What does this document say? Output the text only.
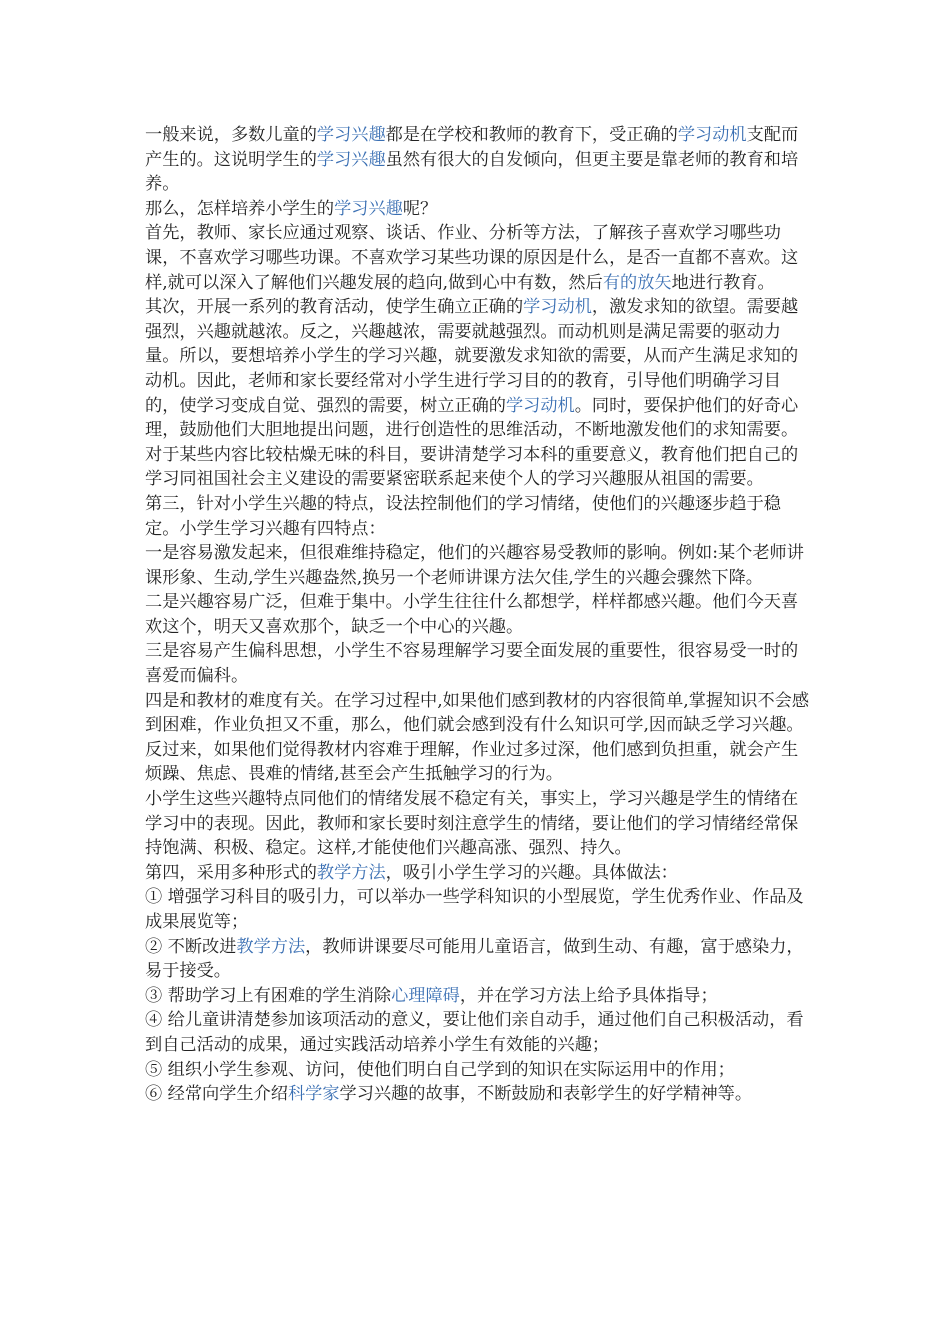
一般来说，多数儿童的学习兴趣都是在学校和教师的教育下，受正确的学习动机支配而产生的。这说明学生的学习兴趣虽然有很大的自发倾向，但更主要是靠老师的教育和培养。

那么，怎样培养小学生的学习兴趣呢？

首先，教师、家长应通过观察、谈话、作业、分析等方法，了解孩子喜欢学习哪些功课，不喜欢学习哪些功课。不喜欢学习某些功课的原因是什么，是否一直都不喜欢。这样,就可以深入了解他们兴趣发展的趋向,做到心中有数，然后有的放矢地进行教育。

其次，开展一系列的教育活动，使学生确立正确的学习动机，激发求知的欲望。需要越强烈，兴趣就越浓。反之，兴趣越浓，需要就越强烈。而动机则是满足需要的驱动力量。所以，要想培养小学生的学习兴趣，就要激发求知欲的需要，从而产生满足求知的动机。因此，老师和家长要经常对小学生进行学习目的的教育，引导他们明确学习目的，使学习变成自觉、强烈的需要，树立正确的学习动机。同时，要保护他们的好奇心理，鼓励他们大胆地提出问题，进行创造性的思维活动，不断地激发他们的求知需要。对于某些内容比较枯燥无味的科目，要讲清楚学习本科的重要意义，教育他们把自己的学习同祖国社会主义建设的需要紧密联系起来使个人的学习兴趣服从祖国的需要。

第三，针对小学生兴趣的特点，设法控制他们的学习情绪，使他们的兴趣逐步趋于稳定。小学生学习兴趣有四特点：

一是容易激发起来，但很难维持稳定，他们的兴趣容易受教师的影响。例如:某个老师讲课形象、生动,学生兴趣盎然,换另一个老师讲课方法欠佳,学生的兴趣会骤然下降。

二是兴趣容易广泛，但难于集中。小学生往往什么都想学，样样都感兴趣。他们今天喜欢这个，明天又喜欢那个，缺乏一个中心的兴趣。

三是容易产生偏科思想，小学生不容易理解学习要全面发展的重要性，很容易受一时的喜爱而偏科。

四是和教材的难度有关。在学习过程中,如果他们感到教材的内容很简单,掌握知识不会感到困难，作业负担又不重，那么，他们就会感到没有什么知识可学,因而缺乏学习兴趣。反过来，如果他们觉得教材内容难于理解，作业过多过深，他们感到负担重，就会产生烦躁、焦虑、畏难的情绪,甚至会产生抵触学习的行为。

小学生这些兴趣特点同他们的情绪发展不稳定有关，事实上，学习兴趣是学生的情绪在学习中的表现。因此，教师和家长要时刻注意学生的情绪，要让他们的学习情绪经常保持饱满、积极、稳定。这样,才能使他们兴趣高涨、强烈、持久。

第四，采用多种形式的教学方法，吸引小学生学习的兴趣。具体做法：

① 增强学习科目的吸引力，可以举办一些学科知识的小型展览，学生优秀作业、作品及成果展览等；

② 不断改进教学方法，教师讲课要尽可能用儿童语言，做到生动、有趣，富于感染力，易于接受。

③ 帮助学习上有困难的学生消除心理障碍，并在学习方法上给予具体指导；

④ 给儿童讲清楚参加该项活动的意义，要让他们亲自动手，通过他们自己积极活动，看到自己活动的成果，通过实践活动培养小学生有效能的兴趣；

⑤ 组织小学生参观、访问，使他们明白自己学到的知识在实际运用中的作用；

⑥ 经常向学生介绍科学家学习兴趣的故事，不断鼓励和表彰学生的好学精神等。
